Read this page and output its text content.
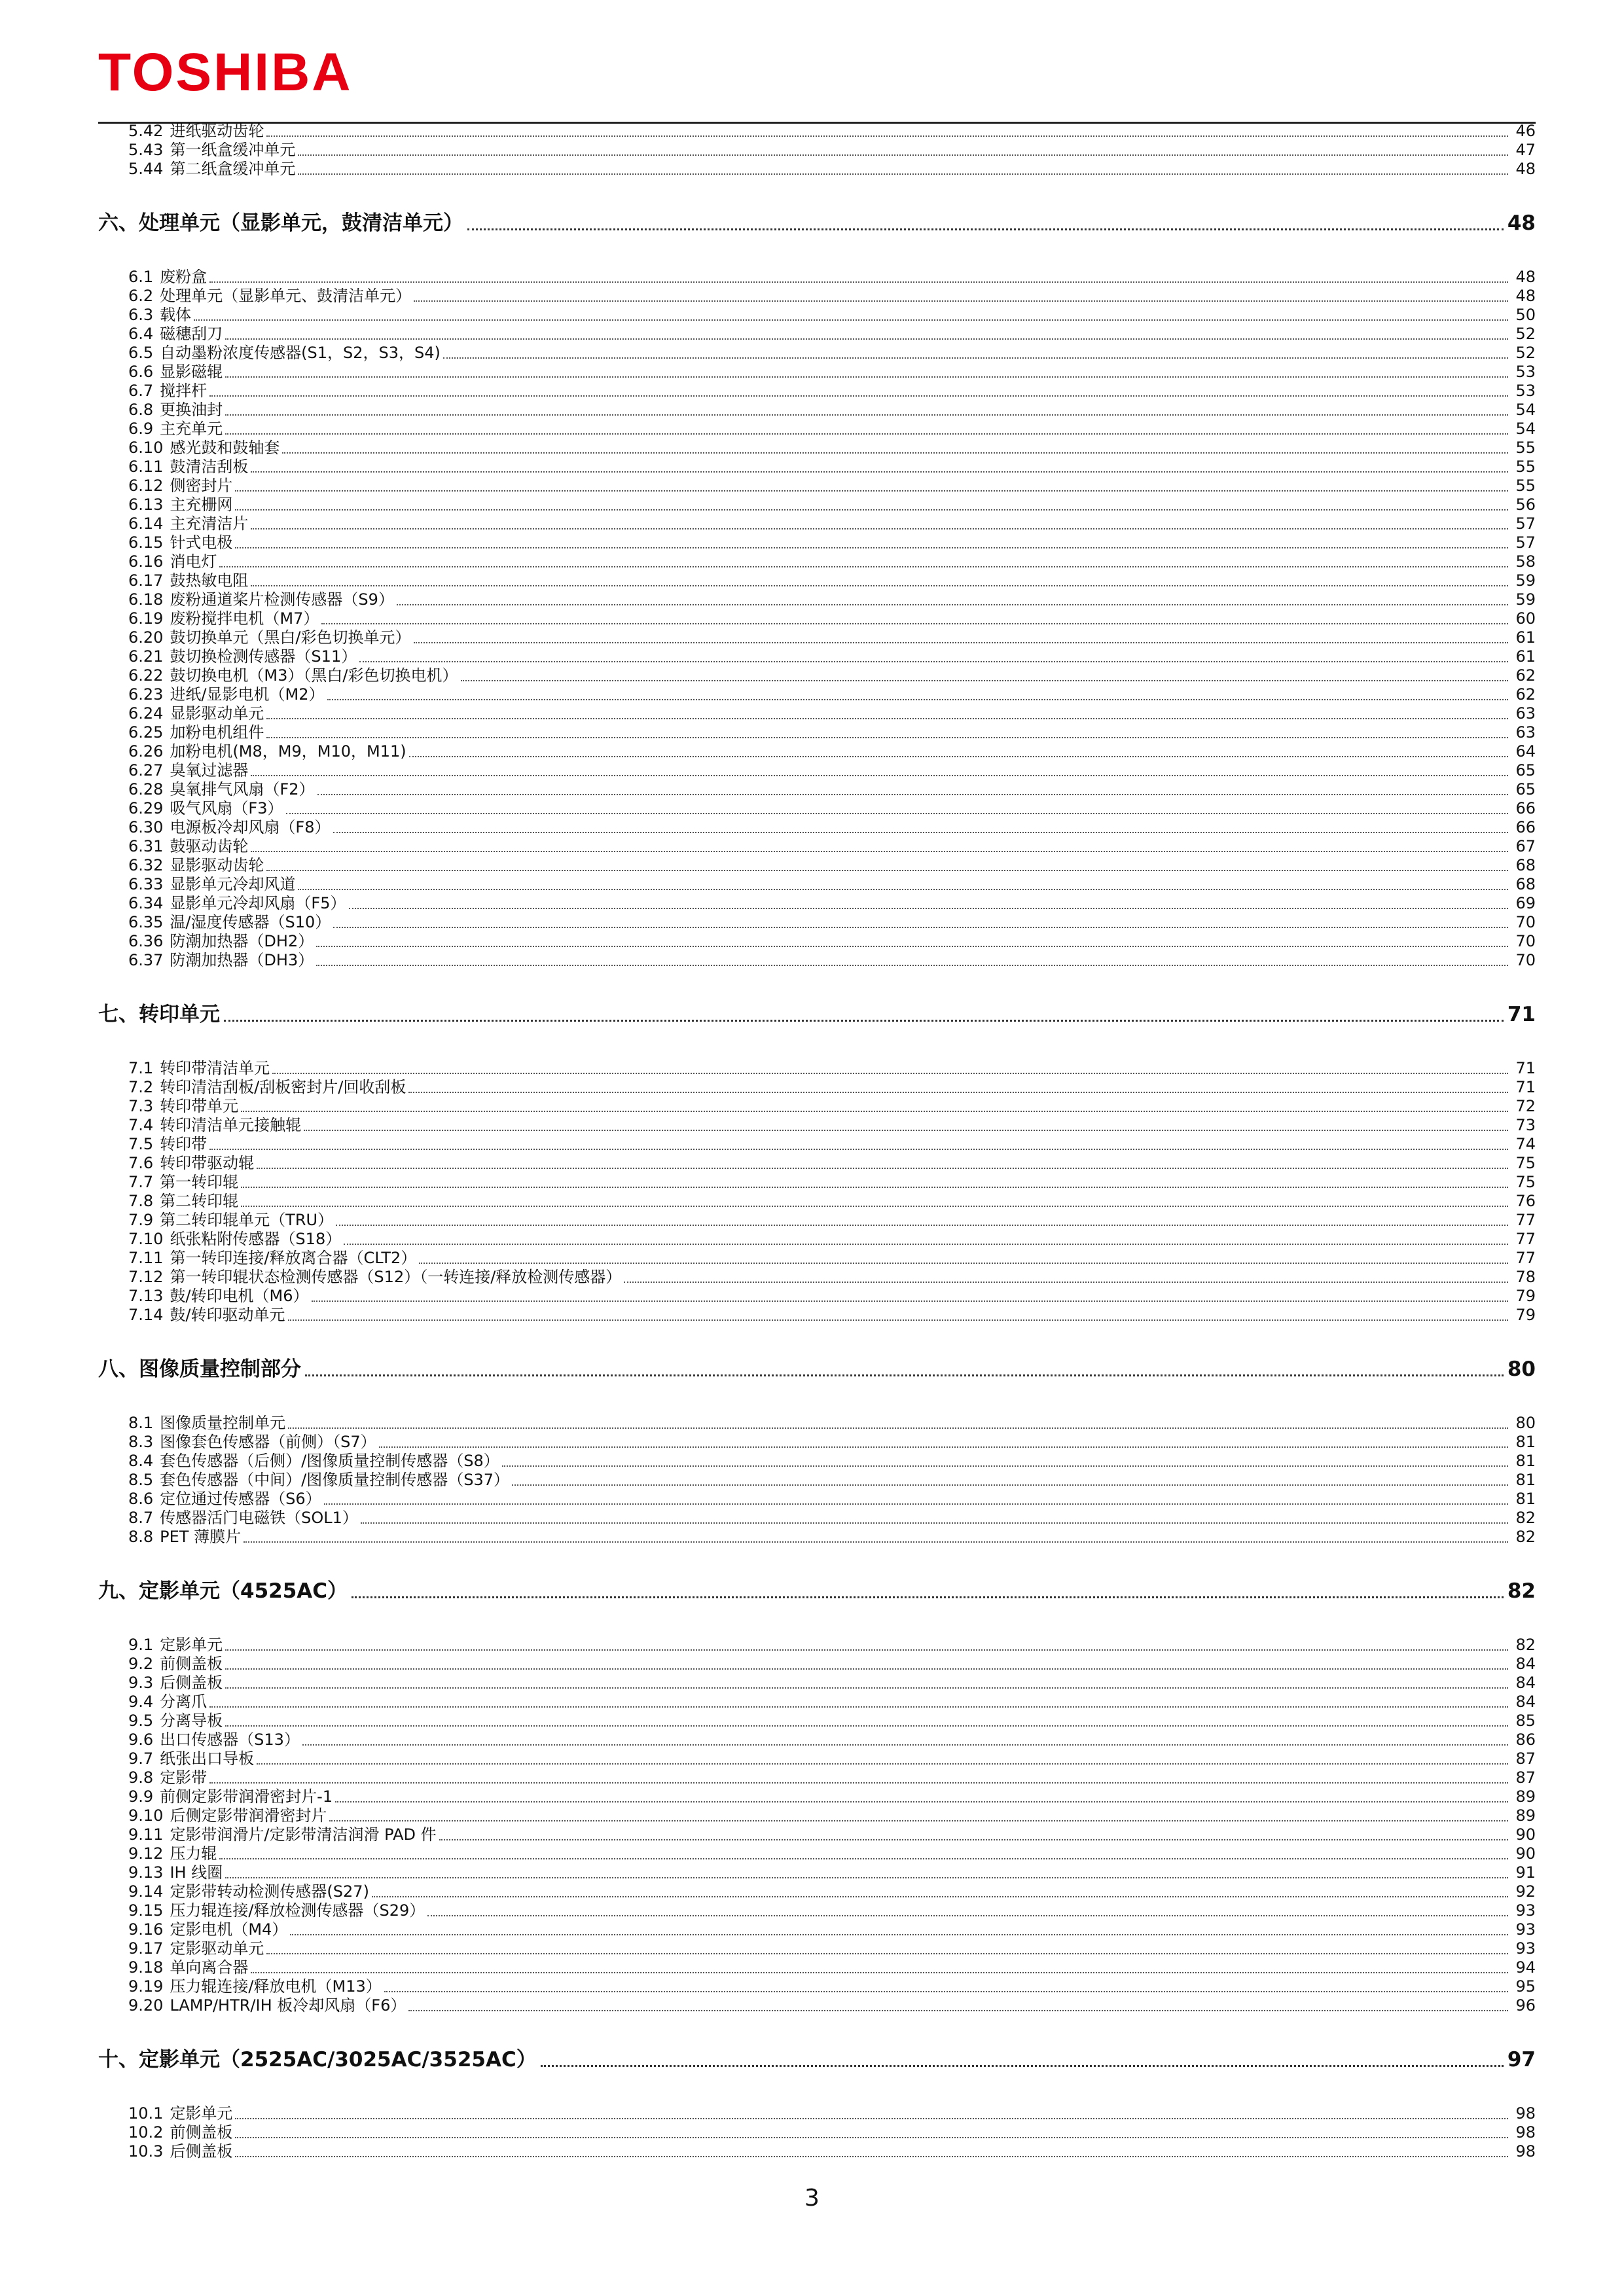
TOSHIBA
5.42 进纸驱动齿轮	46
5.43 第一纸盒缓冲单元	47
5.44 第二纸盒缓冲单元	48
六、处理单元（显影单元，鼓清洁单元）	48
6.1 废粉盒	48
6.2 处理单元（显影单元、鼓清洁单元）	48
6.3 载体	50
6.4 磁穗刮刀	52
6.5 自动墨粉浓度传感器(S1，S2，S3，S4)	52
6.6 显影磁辊	53
6.7 搅拌杆	53
6.8 更换油封	54
6.9 主充单元	54
6.10 感光鼓和鼓轴套	55
6.11 鼓清洁刮板	55
6.12 侧密封片	55
6.13 主充栅网	56
6.14 主充清洁片	57
6.15 针式电极	57
6.16 消电灯	58
6.17 鼓热敏电阻	59
6.18 废粉通道桨片检测传感器（S9）	59
6.19 废粉搅拌电机（M7）	60
6.20 鼓切换单元（黑白/彩色切换单元）	61
6.21 鼓切换检测传感器（S11）	61
6.22 鼓切换电机（M3）（黑白/彩色切换电机）	62
6.23 进纸/显影电机（M2）	62
6.24 显影驱动单元	63
6.25 加粉电机组件	63
6.26 加粉电机(M8，M9，M10，M11)	64
6.27 臭氧过滤器	65
6.28 臭氧排气风扇（F2）	65
6.29 吸气风扇（F3）	66
6.30 电源板冷却风扇（F8）	66
6.31 鼓驱动齿轮	67
6.32 显影驱动齿轮	68
6.33 显影单元冷却风道	68
6.34 显影单元冷却风扇（F5）	69
6.35 温/湿度传感器（S10）	70
6.36 防潮加热器（DH2）	70
6.37 防潮加热器（DH3）	70
七、转印单元	71
7.1 转印带清洁单元	71
7.2 转印清洁刮板/刮板密封片/回收刮板	71
7.3 转印带单元	72
7.4 转印清洁单元接触辊	73
7.5 转印带	74
7.6 转印带驱动辊	75
7.7 第一转印辊	75
7.8 第二转印辊	76
7.9 第二转印辊单元（TRU）	77
7.10 纸张粘附传感器（S18）	77
7.11 第一转印连接/释放离合器（CLT2）	77
7.12 第一转印辊状态检测传感器（S12）（一转连接/释放检测传感器）	78
7.13 鼓/转印电机（M6）	79
7.14 鼓/转印驱动单元	79
八、图像质量控制部分	80
8.1 图像质量控制单元	80
8.3 图像套色传感器（前侧）（S7）	81
8.4 套色传感器（后侧）/图像质量控制传感器（S8）	81
8.5 套色传感器（中间）/图像质量控制传感器（S37）	81
8.6 定位通过传感器（S6）	81
8.7 传感器活门电磁铁（SOL1）	82
8.8 PET 薄膜片	82
九、定影单元（4525AC）	82
9.1 定影单元	82
9.2 前侧盖板	84
9.3 后侧盖板	84
9.4 分离爪	84
9.5 分离导板	85
9.6 出口传感器（S13）	86
9.7 纸张出口导板	87
9.8 定影带	87
9.9 前侧定影带润滑密封片-1	89
9.10 后侧定影带润滑密封片	89
9.11 定影带润滑片/定影带清洁润滑 PAD 件	90
9.12 压力辊	90
9.13 IH 线圈	91
9.14 定影带转动检测传感器(S27)	92
9.15 压力辊连接/释放检测传感器（S29）	93
9.16 定影电机（M4）	93
9.17 定影驱动单元	93
9.18 单向离合器	94
9.19 压力辊连接/释放电机（M13）	95
9.20 LAMP/HTR/IH 板冷却风扇（F6）	96
十、定影单元（2525AC/3025AC/3525AC）	97
10.1 定影单元	98
10.2 前侧盖板	98
10.3 后侧盖板	98
3
